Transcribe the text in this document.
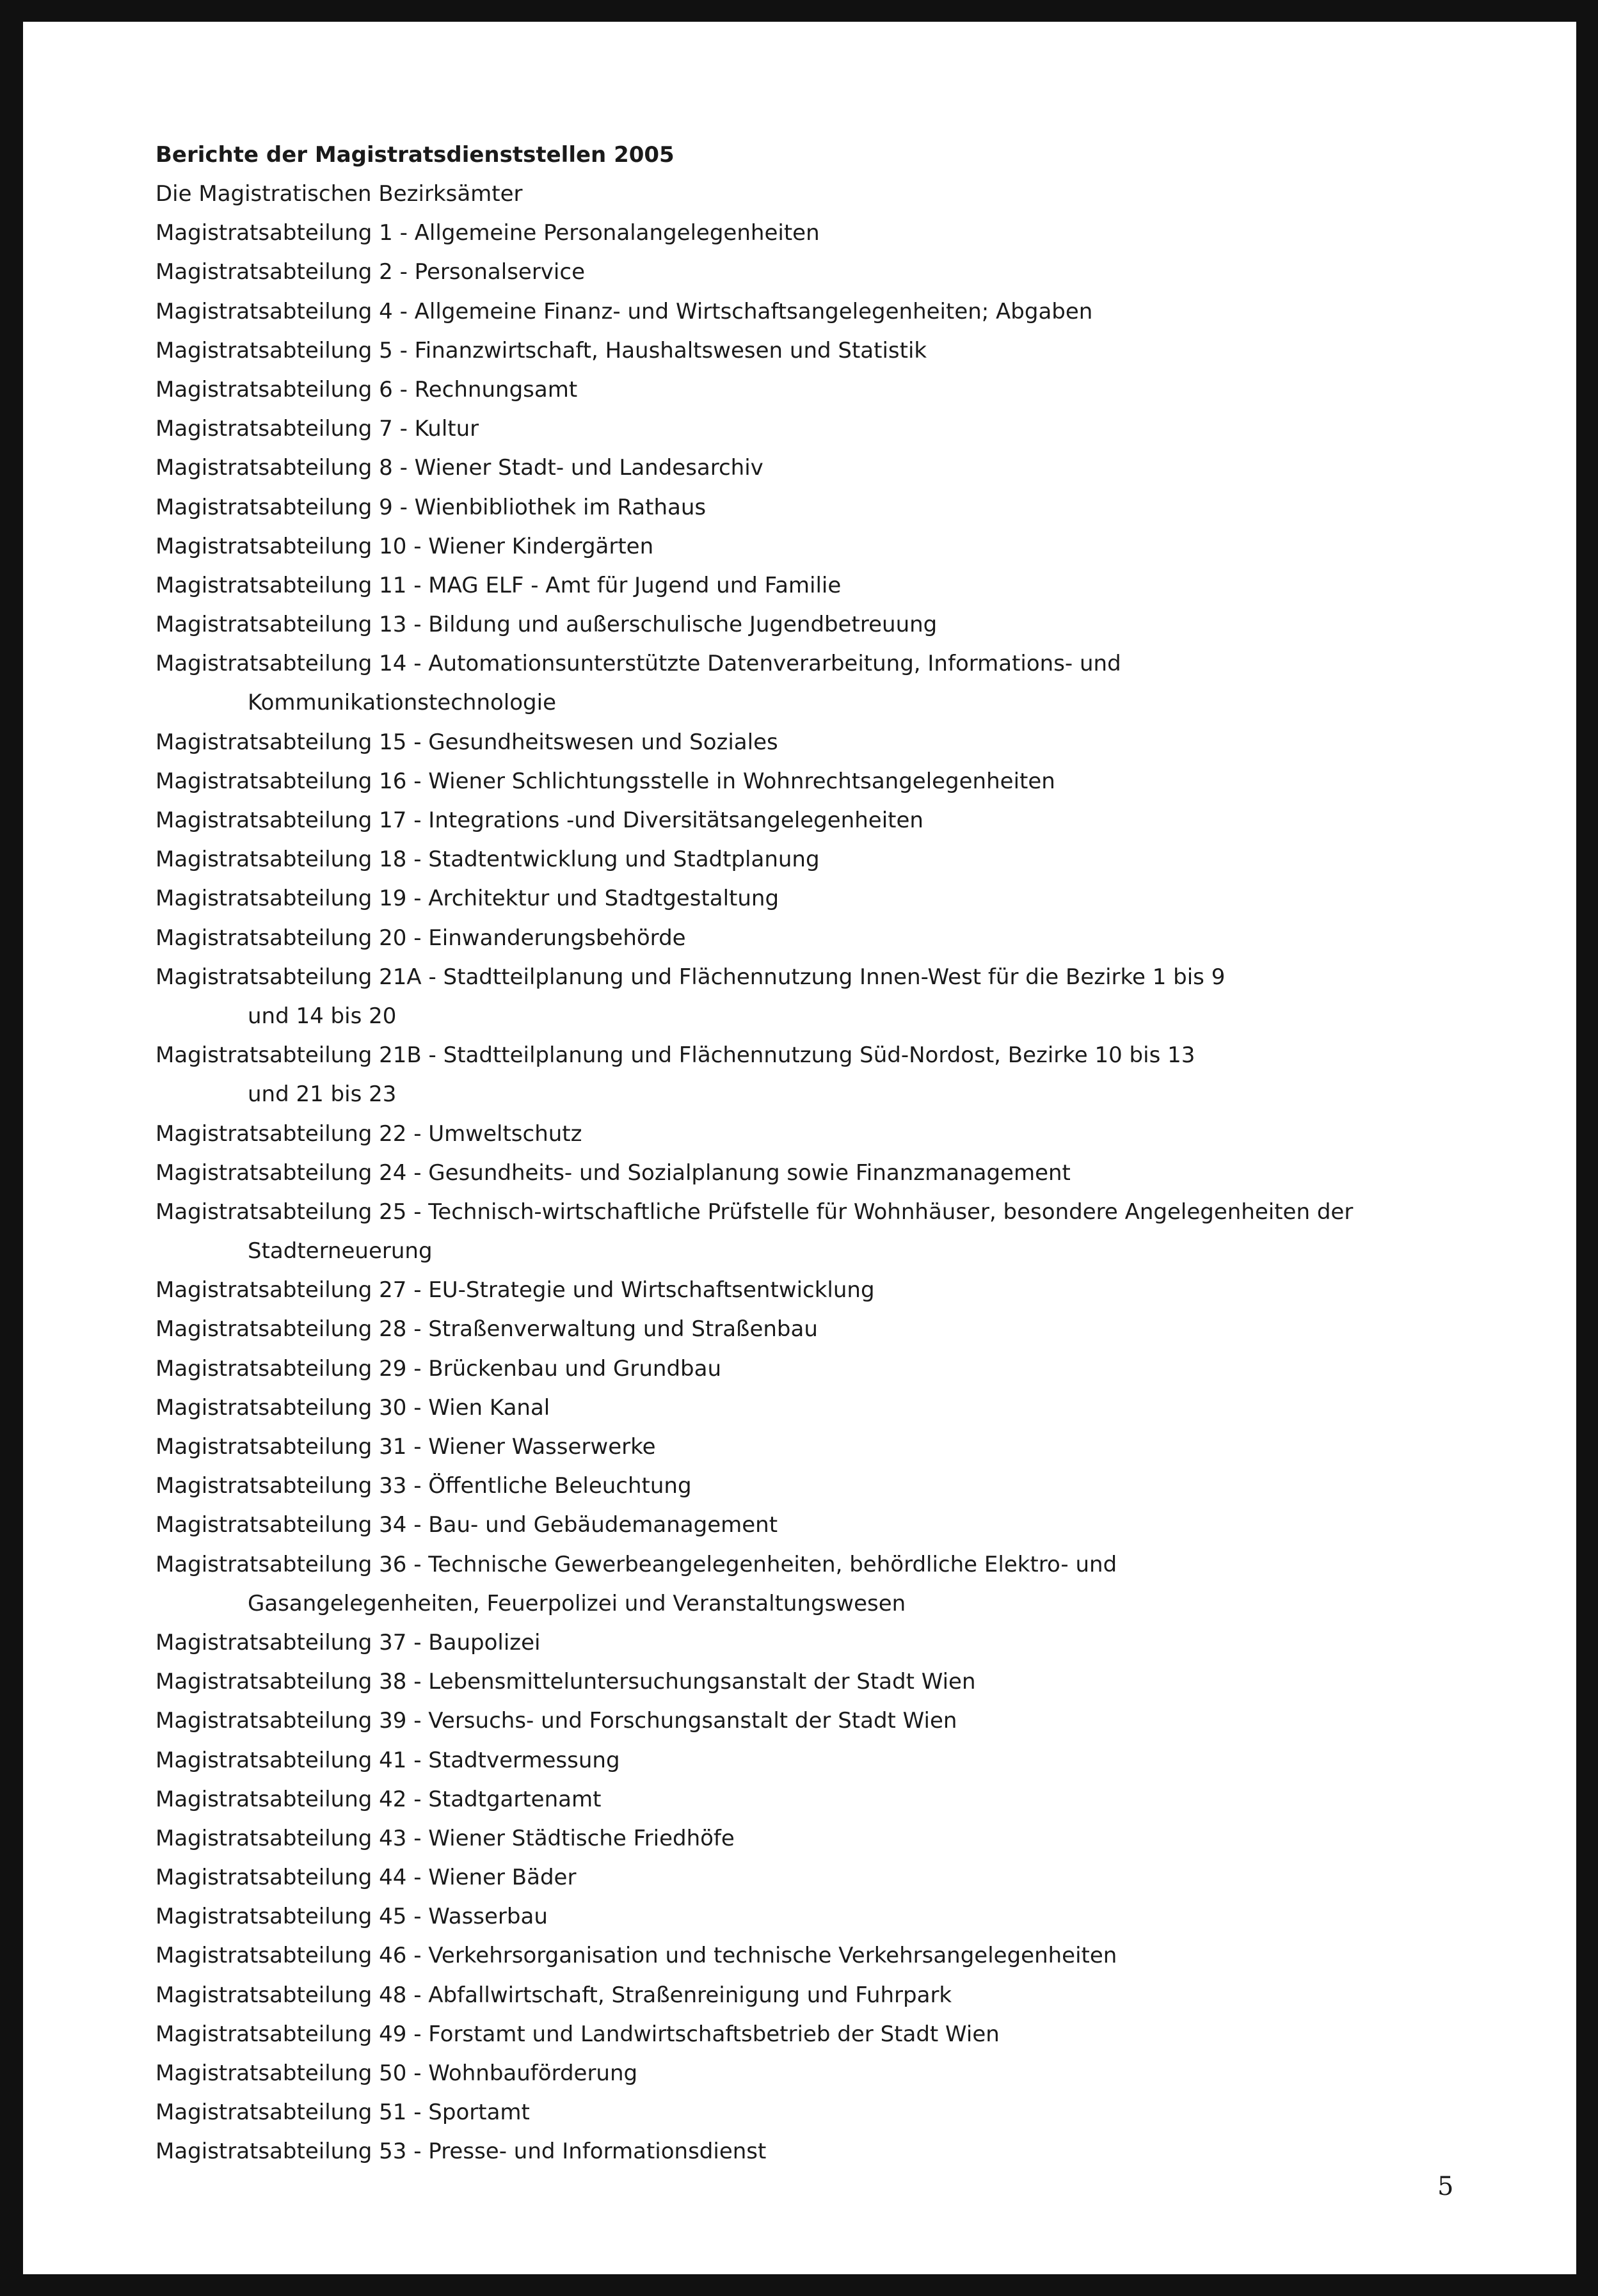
Berichte der Magistratsdienststellen 2005
Die Magistratischen Bezirksämter
Magistratsabteilung 1 - Allgemeine Personalangelegenheiten
Magistratsabteilung 2 - Personalservice
Magistratsabteilung 4 - Allgemeine Finanz- und Wirtschaftsangelegenheiten; Abgaben
Magistratsabteilung 5 - Finanzwirtschaft, Haushaltswesen und Statistik
Magistratsabteilung 6 - Rechnungsamt
Magistratsabteilung 7 - Kultur
Magistratsabteilung 8 - Wiener Stadt- und Landesarchiv
Magistratsabteilung 9 - Wienbibliothek im Rathaus
Magistratsabteilung 10 - Wiener Kindergärten
Magistratsabteilung 11 - MAG ELF - Amt für Jugend und Familie
Magistratsabteilung 13 - Bildung und außerschulische Jugendbetreuung
Magistratsabteilung 14 - Automationsunterstützte Datenverarbeitung, Informations- und
Kommunikationstechnologie
Magistratsabteilung 15 - Gesundheitswesen und Soziales
Magistratsabteilung 16 - Wiener Schlichtungsstelle in Wohnrechtsangelegenheiten
Magistratsabteilung 17 - Integrations -und Diversitätsangelegenheiten
Magistratsabteilung 18 - Stadtentwicklung und Stadtplanung
Magistratsabteilung 19 - Architektur und Stadtgestaltung
Magistratsabteilung 20 - Einwanderungsbehörde
Magistratsabteilung 21A - Stadtteilplanung und Flächennutzung Innen-West für die Bezirke 1 bis 9
und 14 bis 20
Magistratsabteilung 21B - Stadtteilplanung und Flächennutzung Süd-Nordost, Bezirke 10 bis 13
und 21 bis 23
Magistratsabteilung 22 - Umweltschutz
Magistratsabteilung 24 - Gesundheits- und Sozialplanung sowie Finanzmanagement
Magistratsabteilung 25 - Technisch-wirtschaftliche Prüfstelle für Wohnhäuser, besondere Angelegenheiten der
Stadterneuerung
Magistratsabteilung 27 - EU-Strategie und Wirtschaftsentwicklung
Magistratsabteilung 28 - Straßenverwaltung und Straßenbau
Magistratsabteilung 29 - Brückenbau und Grundbau
Magistratsabteilung 30 - Wien Kanal
Magistratsabteilung 31 - Wiener Wasserwerke
Magistratsabteilung 33 - Öffentliche Beleuchtung
Magistratsabteilung 34 - Bau- und Gebäudemanagement
Magistratsabteilung 36 - Technische Gewerbeangelegenheiten, behördliche Elektro- und
Gasangelegenheiten, Feuerpolizei und Veranstaltungswesen
Magistratsabteilung 37 - Baupolizei
Magistratsabteilung 38 - Lebensmitteluntersuchungsanstalt der Stadt Wien
Magistratsabteilung 39 - Versuchs- und Forschungsanstalt der Stadt Wien
Magistratsabteilung 41 - Stadtvermessung
Magistratsabteilung 42 - Stadtgartenamt
Magistratsabteilung 43 - Wiener Städtische Friedhöfe
Magistratsabteilung 44 - Wiener Bäder
Magistratsabteilung 45 - Wasserbau
Magistratsabteilung 46 - Verkehrsorganisation und technische Verkehrsangelegenheiten
Magistratsabteilung 48 - Abfallwirtschaft, Straßenreinigung und Fuhrpark
Magistratsabteilung 49 - Forstamt und Landwirtschaftsbetrieb der Stadt Wien
Magistratsabteilung 50 - Wohnbauförderung
Magistratsabteilung 51 - Sportamt
Magistratsabteilung 53 - Presse- und Informationsdienst
5
